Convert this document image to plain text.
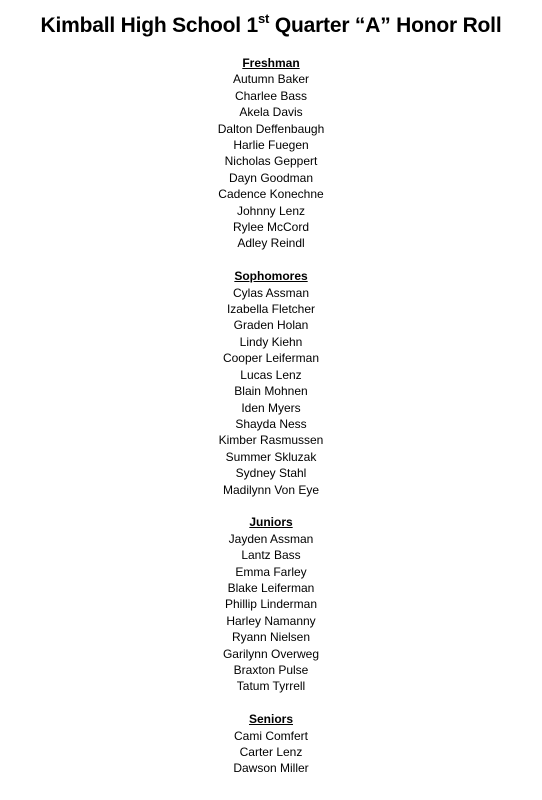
Kimball High School 1st Quarter “A” Honor Roll
Freshman
Autumn Baker
Charlee Bass
Akela Davis
Dalton Deffenbaugh
Harlie Fuegen
Nicholas Geppert
Dayn Goodman
Cadence Konechne
Johnny Lenz
Rylee McCord
Adley Reindl
Sophomores
Cylas Assman
Izabella Fletcher
Graden Holan
Lindy Kiehn
Cooper Leiferman
Lucas Lenz
Blain Mohnen
Iden Myers
Shayda Ness
Kimber Rasmussen
Summer Skluzak
Sydney Stahl
Madilynn Von Eye
Juniors
Jayden Assman
Lantz Bass
Emma Farley
Blake Leiferman
Phillip Linderman
Harley Namanny
Ryann Nielsen
Garilynn Overweg
Braxton Pulse
Tatum Tyrrell
Seniors
Cami Comfert
Carter Lenz
Dawson Miller
